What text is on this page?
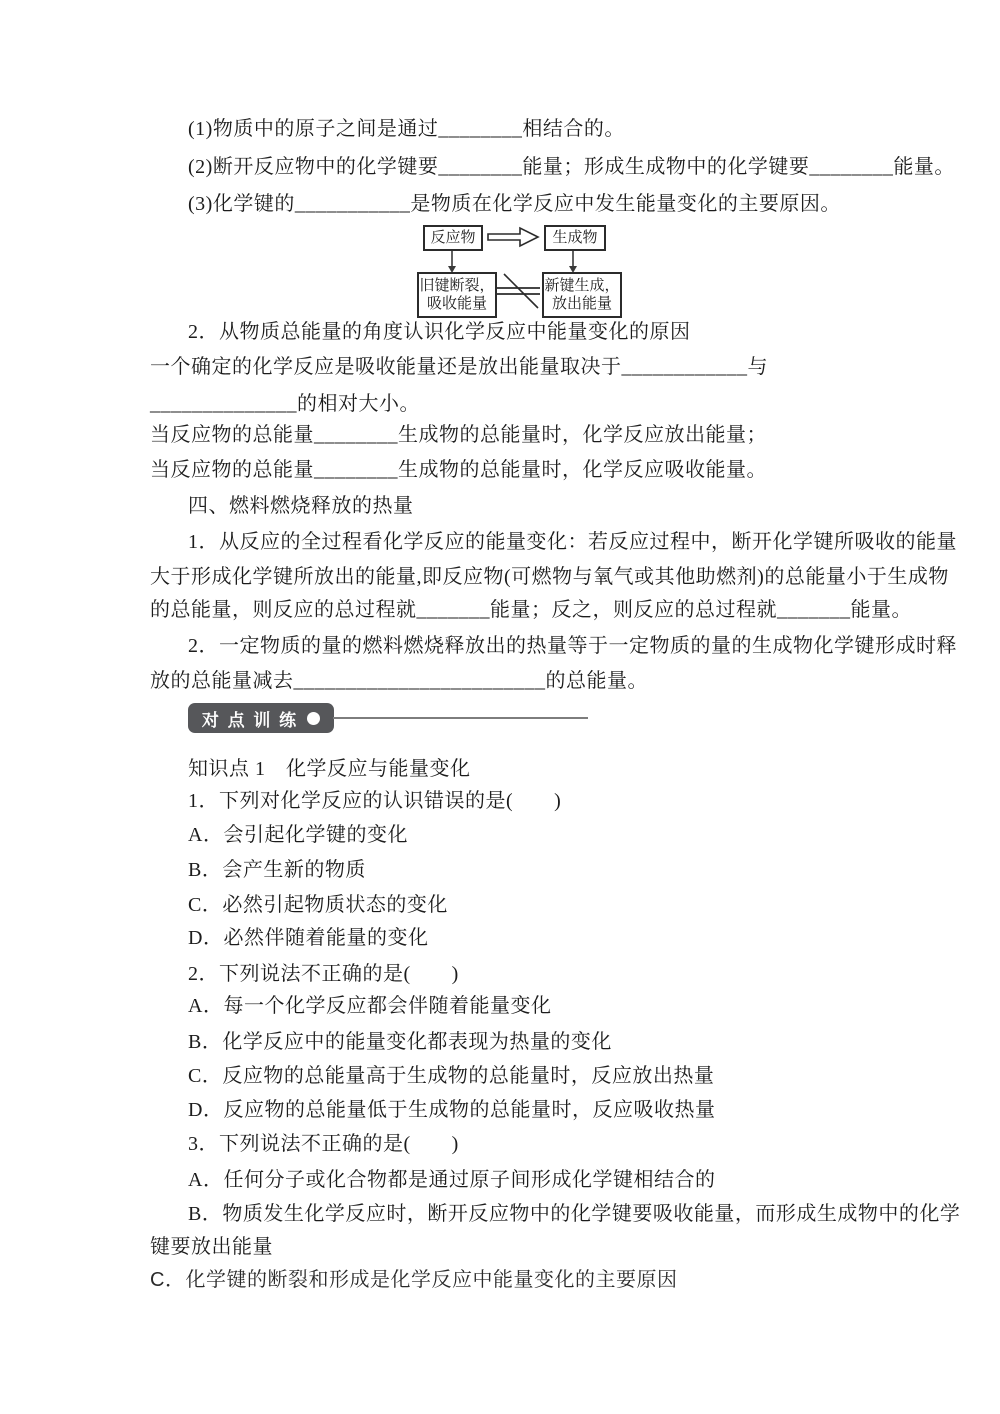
(1)物质中的原子之间是通过________相结合的。
(2)断开反应物中的化学键要________能量；形成生成物中的化学键要________能量。
(3)化学键的___________是物质在化学反应中发生能量变化的主要原因。
反应物	生成物
旧键断裂，
吸收能量
新键生成，
放出能量
2．从物质总能量的角度认识化学反应中能量变化的原因
一个确定的化学反应是吸收能量还是放出能量取决于____________与
______________的相对大小。
当反应物的总能量________生成物的总能量时，化学反应放出能量；
当反应物的总能量________生成物的总能量时，化学反应吸收能量。
四、燃料燃烧释放的热量
1．从反应的全过程看化学反应的能量变化：若反应过程中，断开化学键所吸收的能量
大于形成化学键所放出的能量,即反应物(可燃物与氧气或其他助燃剂)的总能量小于生成物
的总能量，则反应的总过程就_______能量；反之，则反应的总过程就_______能量。
2．一定物质的量的燃料燃烧释放出的热量等于一定物质的量的生成物化学键形成时释
放的总能量减去________________________的总能量。
对 点 训 练
知识点 1　化学反应与能量变化
1．下列对化学反应的认识错误的是(　　)
A．会引起化学键的变化
B．会产生新的物质
C．必然引起物质状态的变化
D．必然伴随着能量的变化
2．下列说法不正确的是(　　)
A．每一个化学反应都会伴随着能量变化
B．化学反应中的能量变化都表现为热量的变化
C．反应物的总能量高于生成物的总能量时，反应放出热量
D．反应物的总能量低于生成物的总能量时，反应吸收热量
3．下列说法不正确的是(　　)
A．任何分子或化合物都是通过原子间形成化学键相结合的
B．物质发生化学反应时，断开反应物中的化学键要吸收能量，而形成生成物中的化学
键要放出能量
C．化学键的断裂和形成是化学反应中能量变化的主要原因
